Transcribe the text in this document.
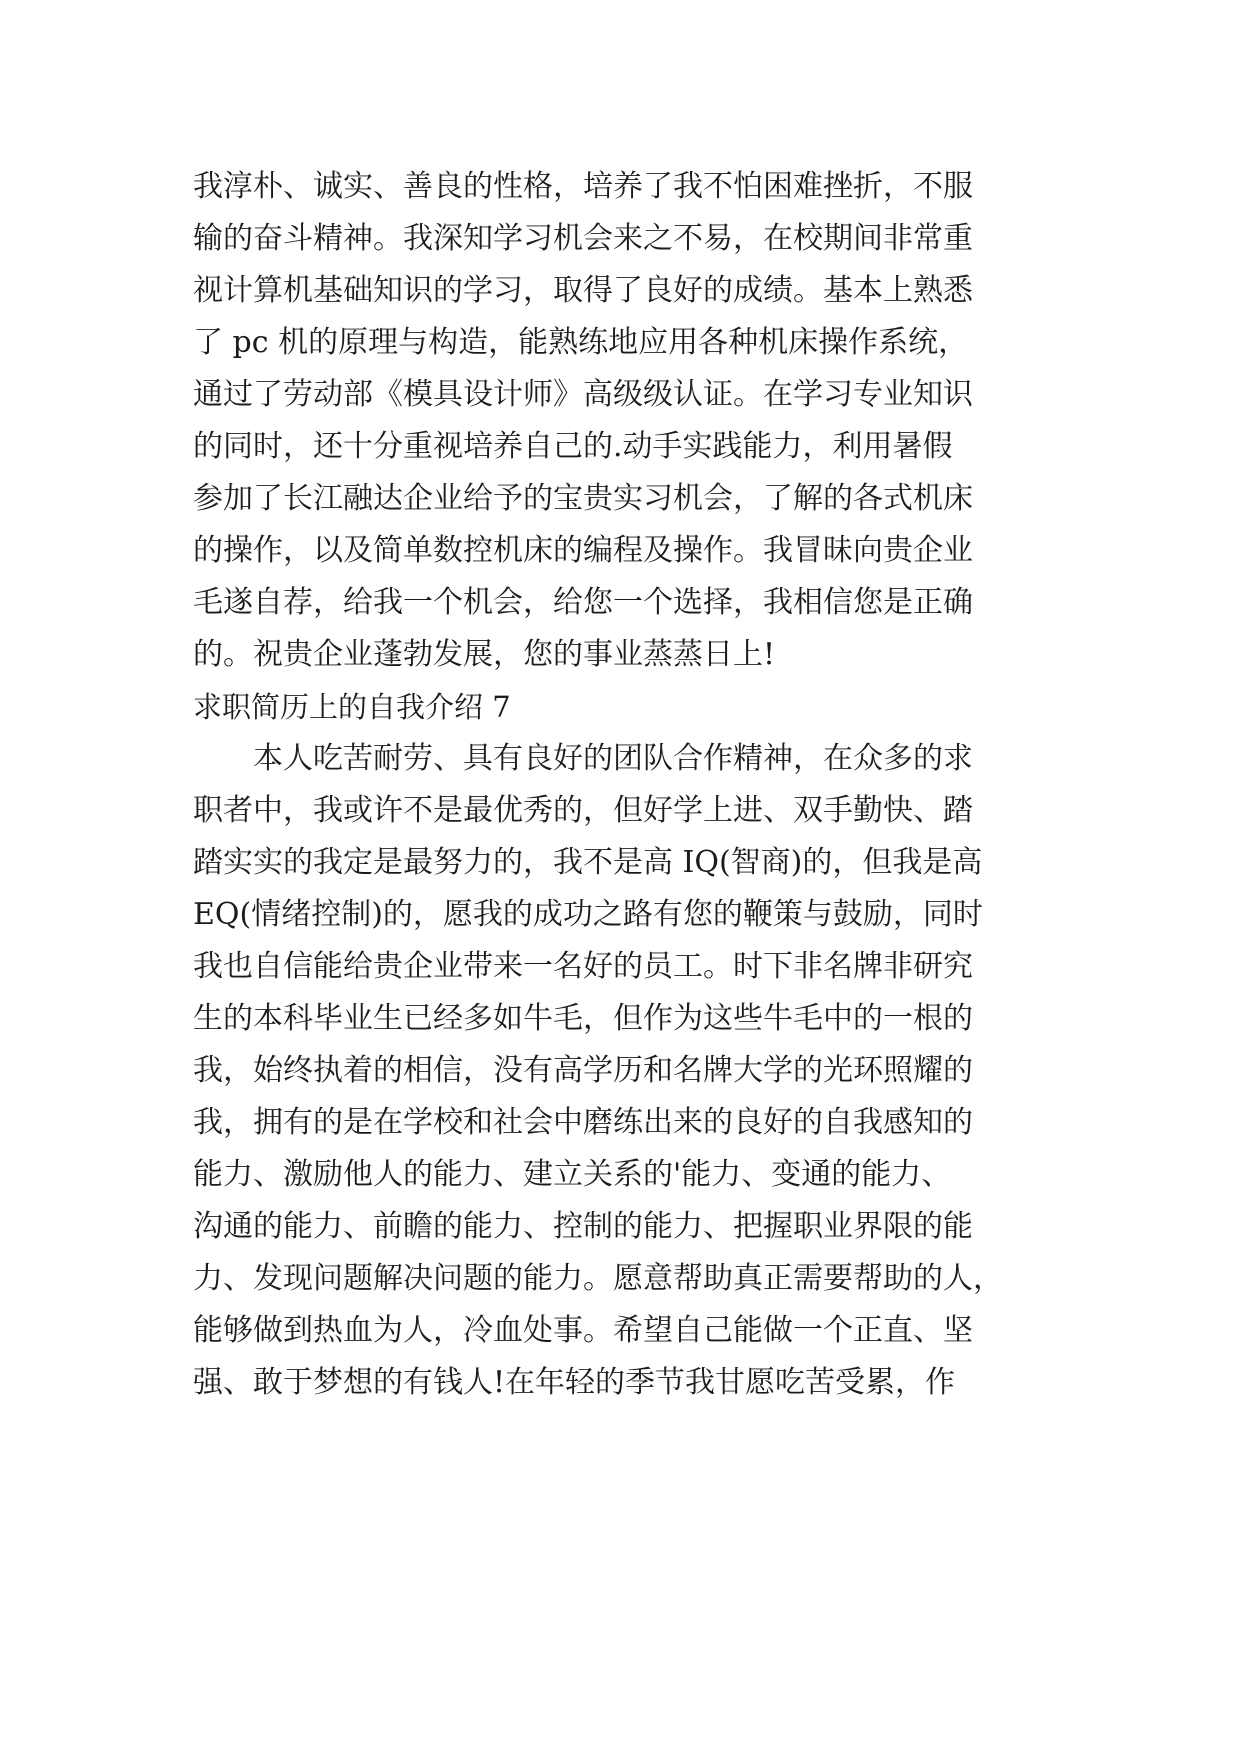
我淳朴、诚实、善良的性格，培养了我不怕困难挫折，不服
输的奋斗精神。我深知学习机会来之不易，在校期间非常重
视计算机基础知识的学习，取得了良好的成绩。基本上熟悉
了 pc 机的原理与构造，能熟练地应用各种机床操作系统，
通过了劳动部《模具设计师》高级级认证。在学习专业知识
的同时，还十分重视培养自己的.动手实践能力，利用暑假
参加了长江融达企业给予的宝贵实习机会，了解的各式机床
的操作，以及简单数控机床的编程及操作。我冒昧向贵企业
毛遂自荐，给我一个机会，给您一个选择，我相信您是正确
的。祝贵企业蓬勃发展，您的事业蒸蒸日上!
求职简历上的自我介绍 7
　　本人吃苦耐劳、具有良好的团队合作精神，在众多的求
职者中，我或许不是最优秀的，但好学上进、双手勤快、踏
踏实实的我定是最努力的，我不是高 IQ(智商)的，但我是高
EQ(情绪控制)的，愿我的成功之路有您的鞭策与鼓励，同时
我也自信能给贵企业带来一名好的员工。时下非名牌非研究
生的本科毕业生已经多如牛毛，但作为这些牛毛中的一根的
我，始终执着的相信，没有高学历和名牌大学的光环照耀的
我，拥有的是在学校和社会中磨练出来的良好的自我感知的
能力、激励他人的能力、建立关系的'能力、变通的能力、
沟通的能力、前瞻的能力、控制的能力、把握职业界限的能
力、发现问题解决问题的能力。愿意帮助真正需要帮助的人，
能够做到热血为人，冷血处事。希望自己能做一个正直、坚
强、敢于梦想的有钱人!在年轻的季节我甘愿吃苦受累，作
